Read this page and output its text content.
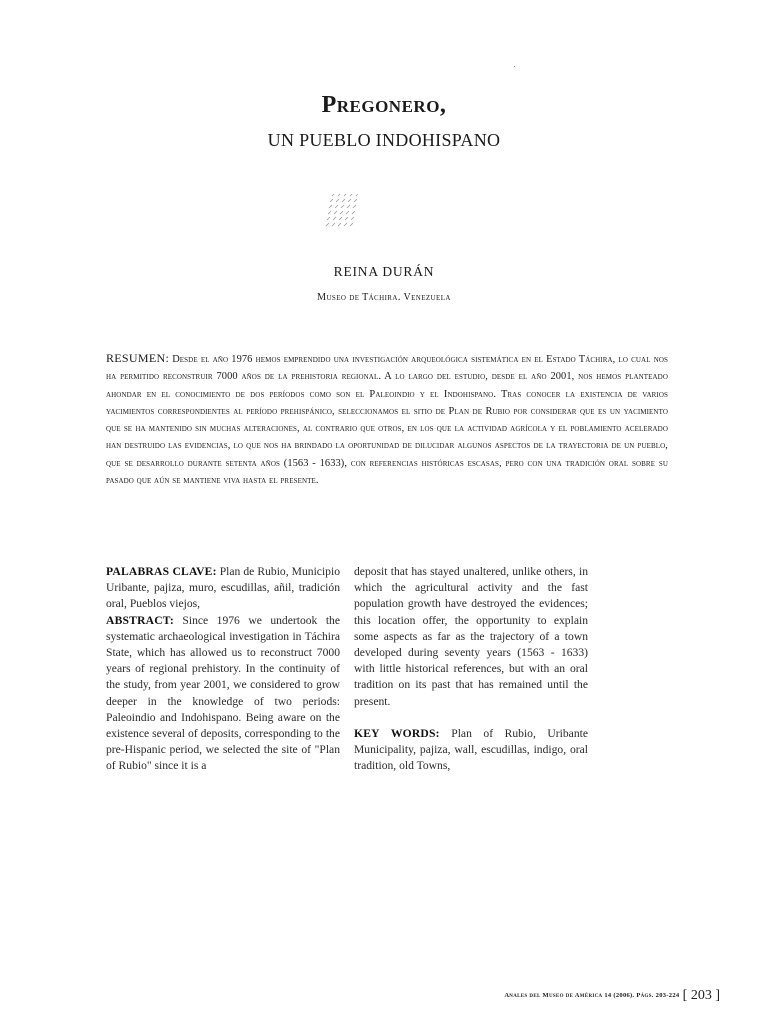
Pregonero,
UN PUEBLO INDOHISPANO
REINA DURÁN
Museo de Táchira. Venezuela
RESUMEN: Desde el año 1976 hemos emprendido una investigación arqueológica sistemática en el Estado Táchira, lo cual nos ha permitido reconstruir 7000 años de la prehistoria regional. A lo largo del estudio, desde el año 2001, nos hemos planteado ahondar en el conocimiento de dos períodos como son el Paleoindio y el Indohispano. Tras conocer la existencia de varios yacimientos correspondientes al período prehispánico, seleccionamos el sitio de Plan de Rubio por considerar que es un yacimiento que se ha mantenido sin muchas alteraciones, al contrario que otros, en los que la actividad agrícola y el poblamiento acelerado han destruido las evidencias, lo que nos ha brindado la oportunidad de dilucidar algunos aspectos de la trayectoria de un pueblo, que se desarrollo durante setenta años (1563 - 1633), con referencias históricas escasas, pero con una tradición oral sobre su pasado que aún se mantiene viva hasta el presente.

PALABRAS CLAVE: Plan de Rubio, Municipio Uribante, pajiza, muro, escudillas, añil, tradición oral, Pueblos viejos,

ABSTRACT: Since 1976 we undertook the systematic archaeological investigation in Táchira State, which has allowed us to reconstruct 7000 years of regional prehistory. In the continuity of the study, from year 2001, we considered to grow deeper in the knowledge of two periods: Paleoindio and Indohispano. Being aware on the existence several of deposits, corresponding to the pre-Hispanic period, we selected the site of "Plan of Rubio" since it is a

deposit that has stayed unaltered, unlike others, in which the agricultural activity and the fast population growth have destroyed the evidences; this location offer, the opportunity to explain some aspects as far as the trajectory of a town developed during seventy years (1563 - 1633) with little historical references, but with an oral tradition on its past that has remained until the present.

KEY WORDS: Plan of Rubio, Uribante Municipality, pajiza, wall, escudillas, indigo, oral tradition, old Towns,

Anales del Museo de América 14 (2006). Págs. 203-224 [ 203 ]
